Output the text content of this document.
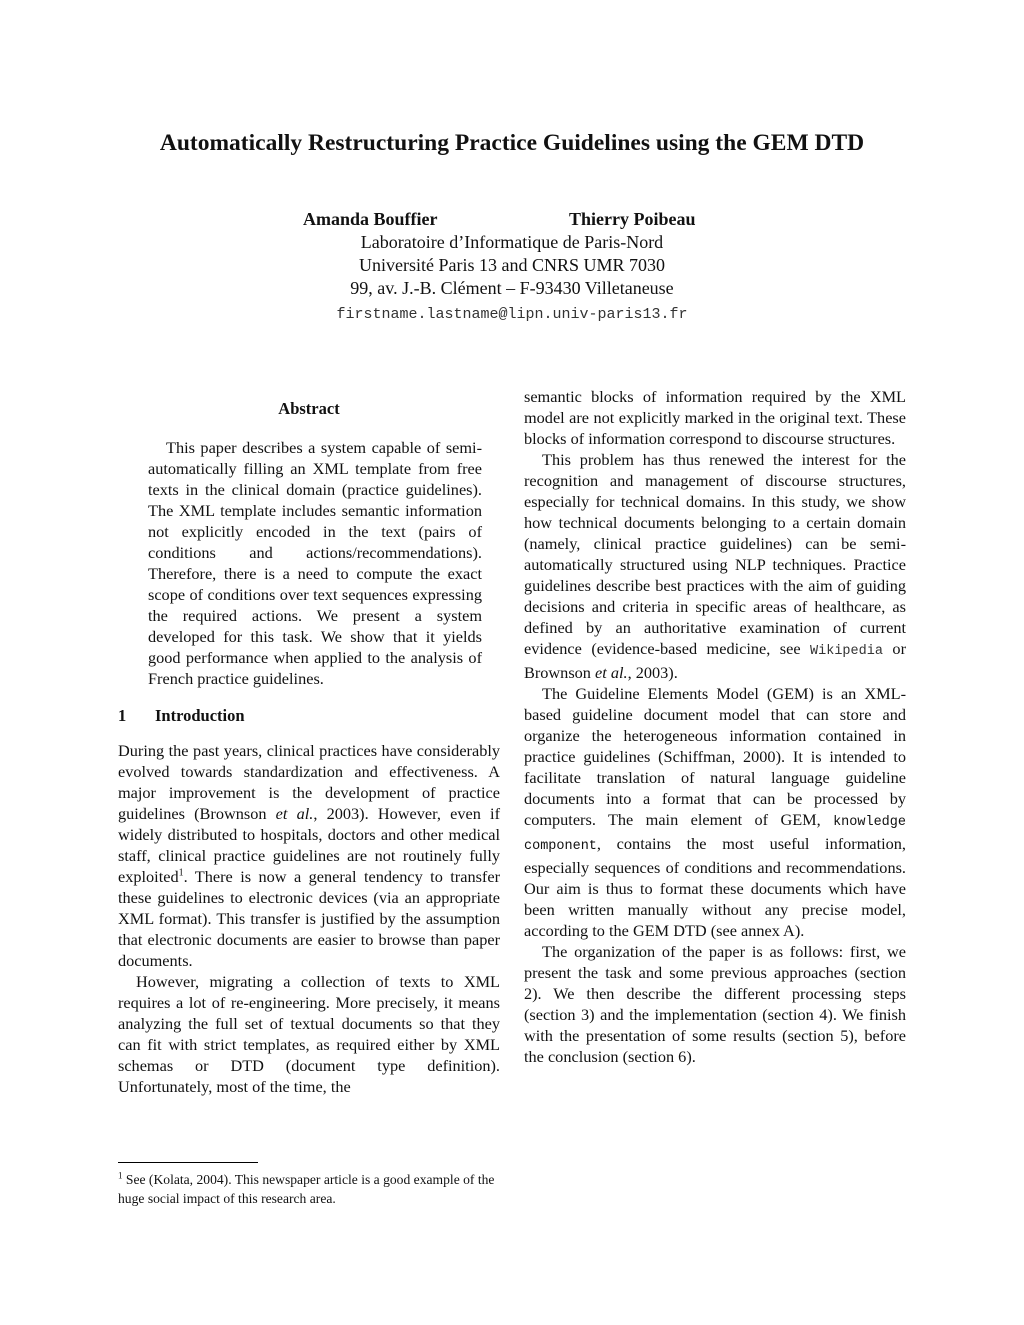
Automatically Restructuring Practice Guidelines using the GEM DTD
Amanda Bouffier	Thierry Poibeau
Laboratoire d’Informatique de Paris-Nord
Université Paris 13 and CNRS UMR 7030
99, av. J.-B. Clément – F-93430 Villetaneuse
firstname.lastname@lipn.univ-paris13.fr

Abstract

This paper describes a system capable of semi-automatically filling an XML template from free texts in the clinical domain (practice guidelines). The XML template includes semantic information not explicitly encoded in the text (pairs of conditions and actions/recommendations). Therefore, there is a need to compute the exact scope of conditions over text sequences expressing the required actions. We present a system developed for this task. We show that it yields good performance when applied to the analysis of French practice guidelines.

1 Introduction

During the past years, clinical practices have considerably evolved towards standardization and effectiveness. A major improvement is the development of practice guidelines (Brownson et al., 2003). However, even if widely distributed to hospitals, doctors and other medical staff, clinical practice guidelines are not routinely fully exploited$^1$. There is now a general tendency to transfer these guidelines to electronic devices (via an appropriate XML format). This transfer is justified by the assumption that electronic documents are easier to browse than paper documents.

However, migrating a collection of texts to XML requires a lot of re-engineering. More precisely, it means analyzing the full set of textual documents so that they can fit with strict templates, as required either by XML schemas or DTD (document type definition). Unfortunately, most of the time, the

semantic blocks of information required by the XML model are not explicitly marked in the original text. These blocks of information correspond to discourse structures.

This problem has thus renewed the interest for the recognition and management of discourse structures, especially for technical domains. In this study, we show how technical documents belonging to a certain domain (namely, clinical practice guidelines) can be semi-automatically structured using NLP techniques. Practice guidelines describe best practices with the aim of guiding decisions and criteria in specific areas of healthcare, as defined by an authoritative examination of current evidence (evidence-based medicine, see Wikipedia or Brownson et al., 2003).

The Guideline Elements Model (GEM) is an XML-based guideline document model that can store and organize the heterogeneous information contained in practice guidelines (Schiffman, 2000). It is intended to facilitate translation of natural language guideline documents into a format that can be processed by computers. The main element of GEM, knowledge component, contains the most useful information, especially sequences of conditions and recommendations. Our aim is thus to format these documents which have been written manually without any precise model, according to the GEM DTD (see annex A).

The organization of the paper is as follows: first, we present the task and some previous approaches (section 2). We then describe the different processing steps (section 3) and the implementation (section 4). We finish with the presentation of some results (section 5), before the conclusion (section 6).

$^1$ See (Kolata, 2004). This newspaper article is a good example of the huge social impact of this research area.
